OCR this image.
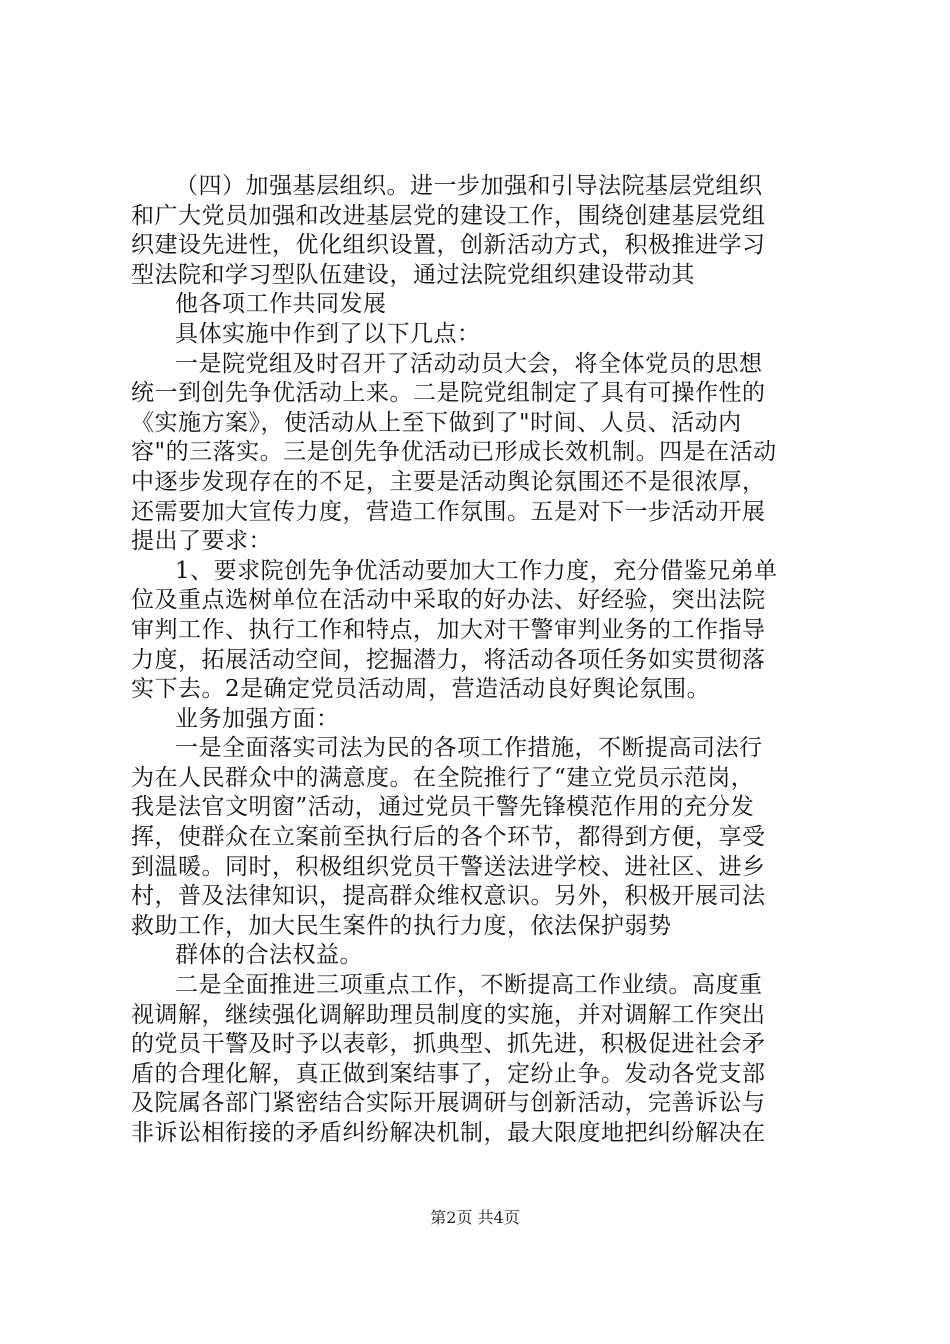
（四）加强基层组织。进一步加强和引导法院基层党组织
和广大党员加强和改进基层党的建设工作，围绕创建基层党组
织建设先进性，优化组织设置，创新活动方式，积极推进学习
型法院和学习型队伍建设，通过法院党组织建设带动其
他各项工作共同发展
具体实施中作到了以下几点：
一是院党组及时召开了活动动员大会，将全体党员的思想
统一到创先争优活动上来。二是院党组制定了具有可操作性的
《实施方案》，使活动从上至下做到了"时间、人员、活动内
容"的三落实。三是创先争优活动已形成长效机制。四是在活动
中逐步发现存在的不足，主要是活动舆论氛围还不是很浓厚，
还需要加大宣传力度，营造工作氛围。五是对下一步活动开展
提出了要求：
1、要求院创先争优活动要加大工作力度，充分借鉴兄弟单
位及重点选树单位在活动中采取的好办法、好经验，突出法院
审判工作、执行工作和特点，加大对干警审判业务的工作指导
力度，拓展活动空间，挖掘潜力，将活动各项任务如实贯彻落
实下去。2是确定党员活动周，营造活动良好舆论氛围。
业务加强方面：
一是全面落实司法为民的各项工作措施，不断提高司法行
为在人民群众中的满意度。在全院推行了“建立党员示范岗，
我是法官文明窗”活动，通过党员干警先锋模范作用的充分发
挥，使群众在立案前至执行后的各个环节，都得到方便，享受
到温暖。同时，积极组织党员干警送法进学校、进社区、进乡
村，普及法律知识，提高群众维权意识。另外，积极开展司法
救助工作，加大民生案件的执行力度，依法保护弱势
群体的合法权益。
二是全面推进三项重点工作，不断提高工作业绩。高度重
视调解，继续强化调解助理员制度的实施，并对调解工作突出
的党员干警及时予以表彰，抓典型、抓先进，积极促进社会矛
盾的合理化解，真正做到案结事了，定纷止争。发动各党支部
及院属各部门紧密结合实际开展调研与创新活动，完善诉讼与
非诉讼相衔接的矛盾纠纷解决机制，最大限度地把纠纷解决在
第2页 共4页
